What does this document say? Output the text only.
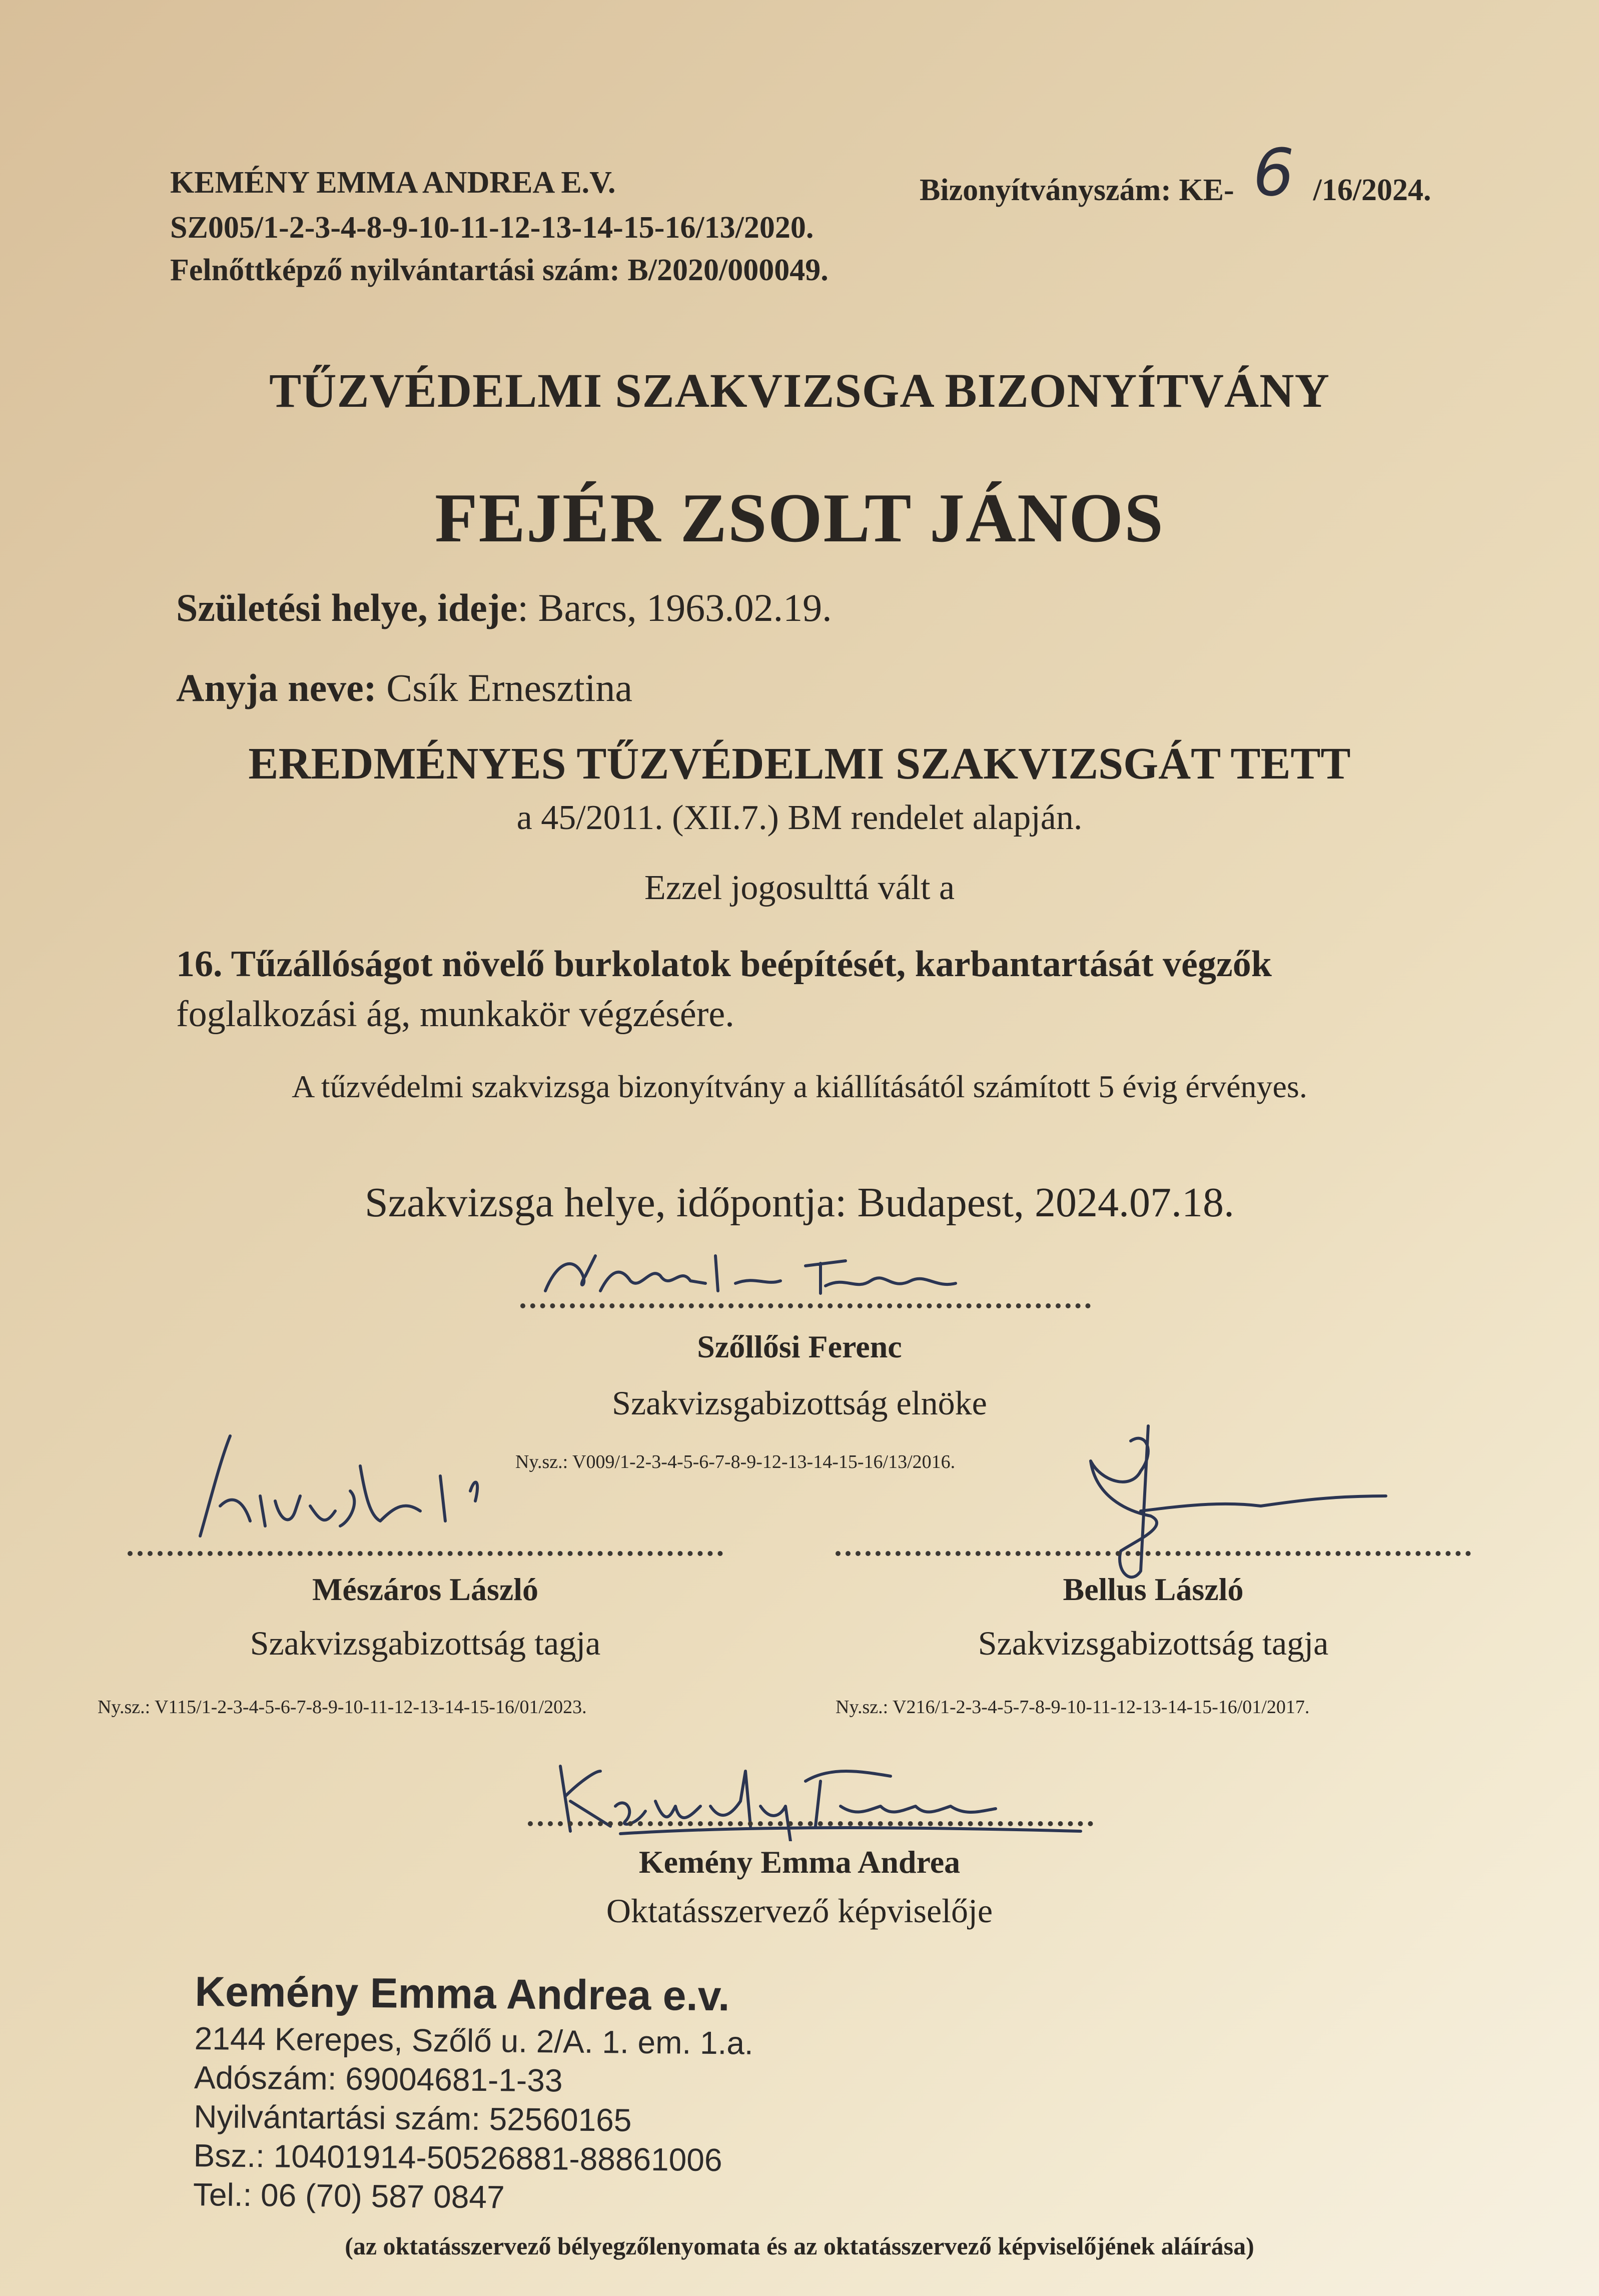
KEMÉNY EMMA ANDREA E.V.
SZ005/1-2-3-4-8-9-10-11-12-13-14-15-16/13/2020.
Felnőttképző nyilvántartási szám: B/2020/000049.
Bizonyítványszám: KE- 6 /16/2024.
TŰZVÉDELMI SZAKVIZSGA BIZONYÍTVÁNY
FEJÉR ZSOLT JÁNOS
Születési helye, ideje: Barcs, 1963.02.19.
Anyja neve: Csík Ernesztina
EREDMÉNYES TŰZVÉDELMI SZAKVIZSGÁT TETT
a 45/2011. (XII.7.) BM rendelet alapján.
Ezzel jogosulttá vált a
16. Tűzállóságot növelő burkolatok beépítését, karbantartását végzők
foglalkozási ág, munkakör végzésére.
A tűzvédelmi szakvizsga bizonyítvány a kiállításától számított 5 évig érvényes.
Szakvizsga helye, időpontja: Budapest, 2024.07.18.
Szőllősi Ferenc
Szakvizsgabizottság elnöke
Ny.sz.: V009/1-2-3-4-5-6-7-8-9-12-13-14-15-16/13/2016.
Mészáros László
Szakvizsgabizottság tagja
Ny.sz.: V115/1-2-3-4-5-6-7-8-9-10-11-12-13-14-15-16/01/2023.
Bellus László
Szakvizsgabizottság tagja
Ny.sz.: V216/1-2-3-4-5-7-8-9-10-11-12-13-14-15-16/01/2017.
Kemény Emma Andrea
Oktatásszervező képviselője
Kemény Emma Andrea e.v.
2144 Kerepes, Szőlő u. 2/A. 1. em. 1.a.
Adószám: 69004681-1-33
Nyilvántartási szám: 52560165
Bsz.: 10401914-50526881-88861006
Tel.: 06 (70) 587 0847
(az oktatásszervező bélyegzőlenyomata és az oktatásszervező képviselőjének aláírása)
